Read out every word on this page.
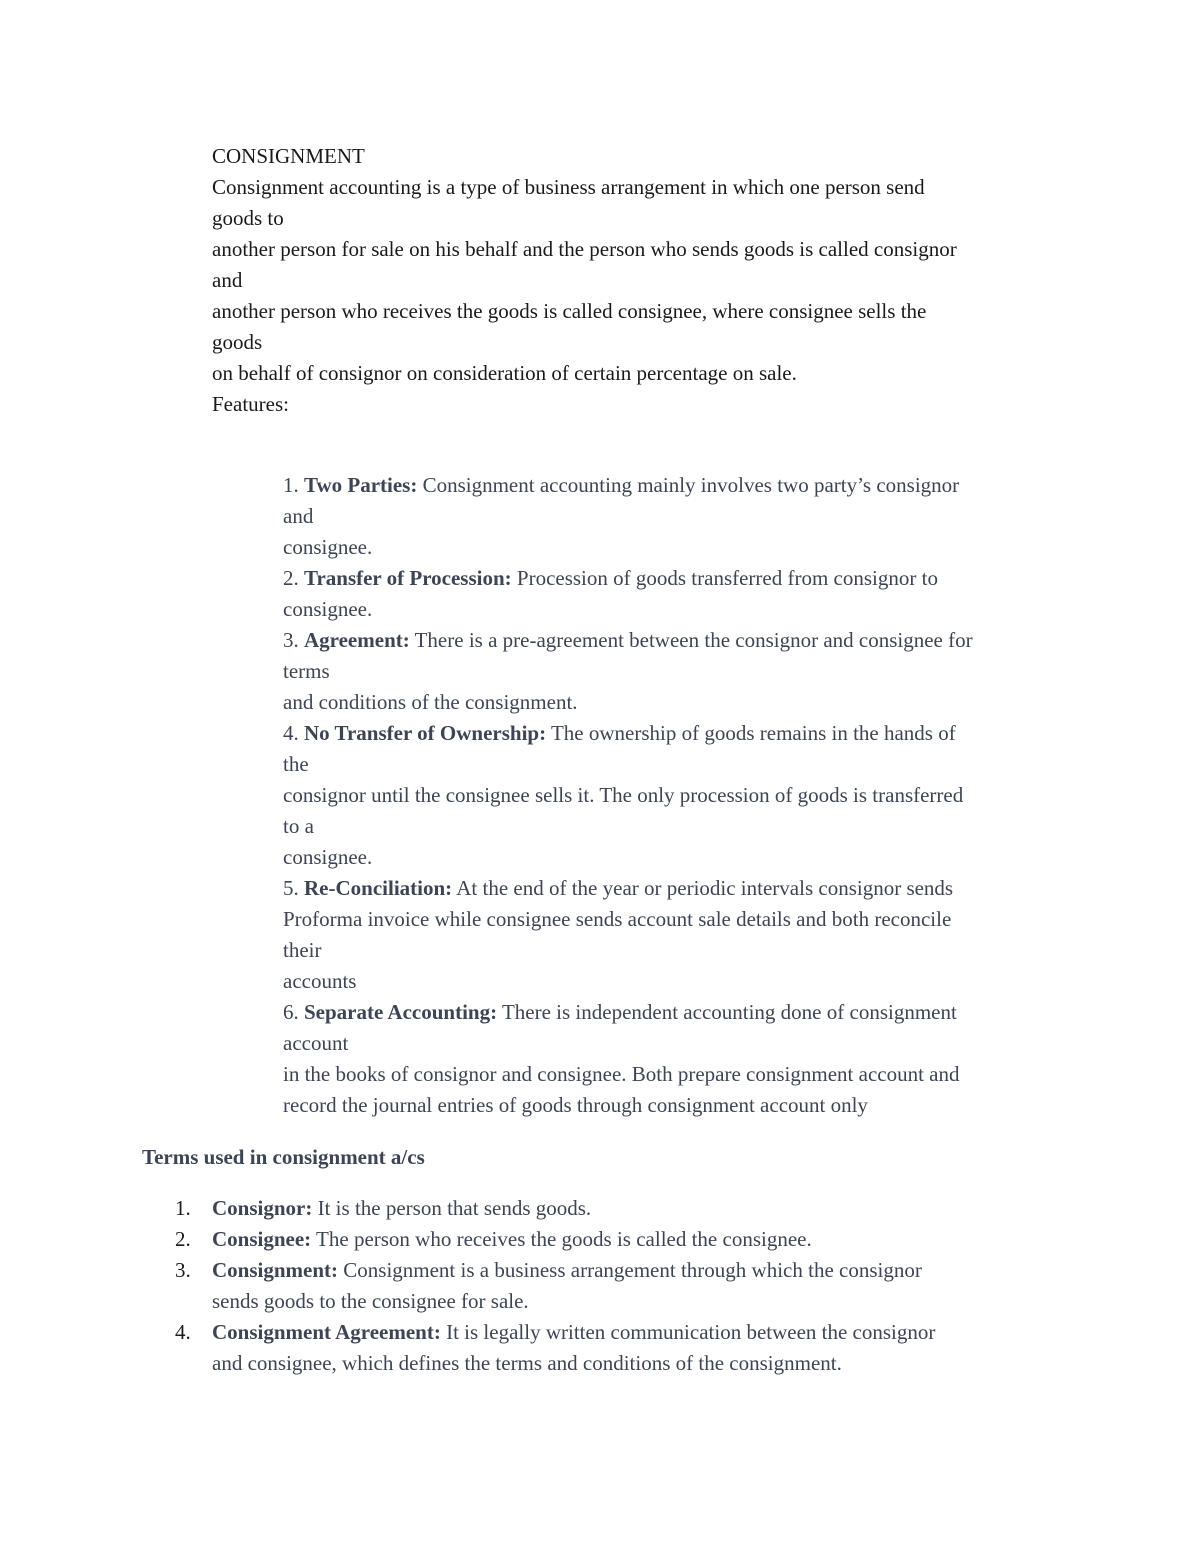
CONSIGNMENT
Consignment accounting is a type of business arrangement in which one person send
goods to
another person for sale on his behalf and the person who sends goods is called consignor
and
another person who receives the goods is called consignee, where consignee sells the
goods
on behalf of consignor on consideration of certain percentage on sale.
Features:
1. Two Parties: Consignment accounting mainly involves two party’s consignor
and
consignee.
2. Transfer of Procession: Procession of goods transferred from consignor to
consignee.
3. Agreement: There is a pre-agreement between the consignor and consignee for
terms
and conditions of the consignment.
4. No Transfer of Ownership: The ownership of goods remains in the hands of
the
consignor until the consignee sells it. The only procession of goods is transferred
to a
consignee.
5. Re-Conciliation: At the end of the year or periodic intervals consignor sends
Proforma invoice while consignee sends account sale details and both reconcile
their
accounts
6. Separate Accounting: There is independent accounting done of consignment
account
in the books of consignor and consignee. Both prepare consignment account and
record the journal entries of goods through consignment account only
Terms used in consignment a/cs
1. Consignor: It is the person that sends goods.
2. Consignee: The person who receives the goods is called the consignee.
3. Consignment: Consignment is a business arrangement through which the consignor
sends goods to the consignee for sale.
4. Consignment Agreement: It is legally written communication between the consignor
and consignee, which defines the terms and conditions of the consignment.
